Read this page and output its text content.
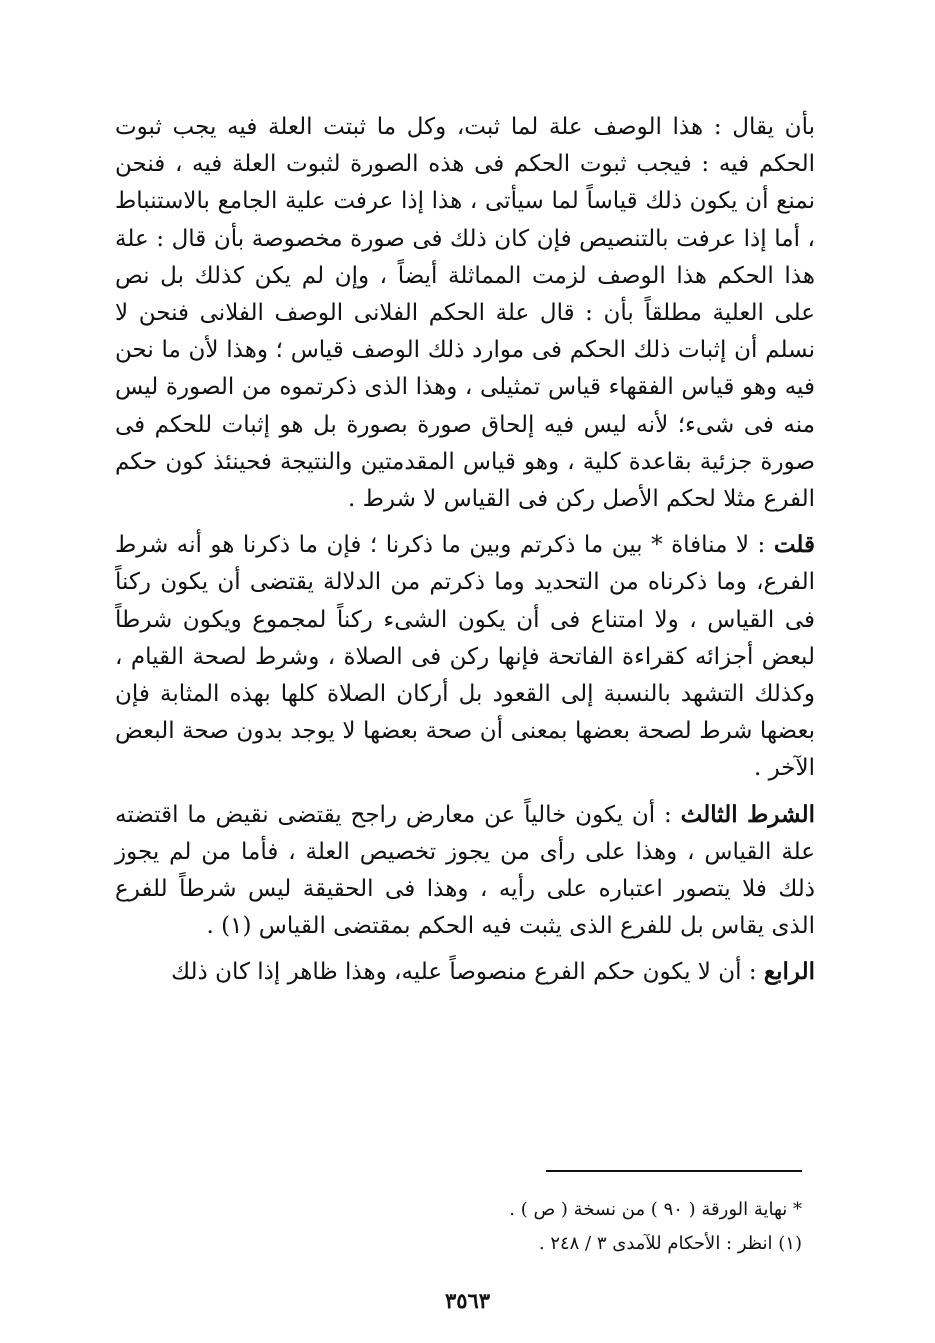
بأن يقال : هذا الوصف علة لما ثبت، وكل ما ثبتت العلة فيه يجب ثبوت الحكم فيه : فيجب ثبوت الحكم فى هذه الصورة لثبوت العلة فيه ، فنحن نمنع أن يكون ذلك قياساً لما سيأتى ، هذا إذا عرفت علية الجامع بالاستنباط ، أما إذا عرفت بالتنصيص فإن كان ذلك فى صورة مخصوصة بأن قال : علة هذا الحكم هذا الوصف لزمت المماثلة أيضاً ، وإن لم يكن كذلك بل نص على العلية مطلقاً بأن : قال علة الحكم الفلانى الوصف الفلانى فنحن لا نسلم أن إثبات ذلك الحكم فى موارد ذلك الوصف قياس ؛ وهذا لأن ما نحن فيه وهو قياس الفقهاء قياس تمثيلى ، وهذا الذى ذكرتموه من الصورة ليس منه فى شىء؛ لأنه ليس فيه إلحاق صورة بصورة بل هو إثبات للحكم فى صورة جزئية بقاعدة كلية ، وهو قياس المقدمتين والنتيجة فحينئذ كون حكم الفرع مثلا لحكم الأصل ركن فى القياس لا شرط .

قلت : لا منافاة * بين ما ذكرتم وبين ما ذكرنا ؛ فإن ما ذكرنا هو أنه شرط الفرع، وما ذكرناه من التحديد وما ذكرتم من الدلالة يقتضى أن يكون ركناً فى القياس ، ولا امتناع فى أن يكون الشىء ركناً لمجموع ويكون شرطاً لبعض أجزائه كقراءة الفاتحة فإنها ركن فى الصلاة ، وشرط لصحة القيام ، وكذلك التشهد بالنسبة إلى القعود بل أركان الصلاة كلها بهذه المثابة فإن بعضها شرط لصحة بعضها بمعنى أن صحة بعضها لا يوجد بدون صحة البعض الآخر .

الشرط الثالث : أن يكون خالياً عن معارض راجح يقتضى نقيض ما اقتضته علة القياس ، وهذا على رأى من يجوز تخصيص العلة ، فأما من لم يجوز ذلك فلا يتصور اعتباره على رأيه ، وهذا فى الحقيقة ليس شرطاً للفرع الذى يقاس بل للفرع الذى يثبت فيه الحكم بمقتضى القياس (١) .

الرابع : أن لا يكون حكم الفرع منصوصاً عليه، وهذا ظاهر إذا كان ذلك

* نهاية الورقة ( ٩٠ ) من نسخة ( ص ) .

(١) انظر : الأحكام للآمدى ٣ / ٢٤٨ .

٣٥٦٣
